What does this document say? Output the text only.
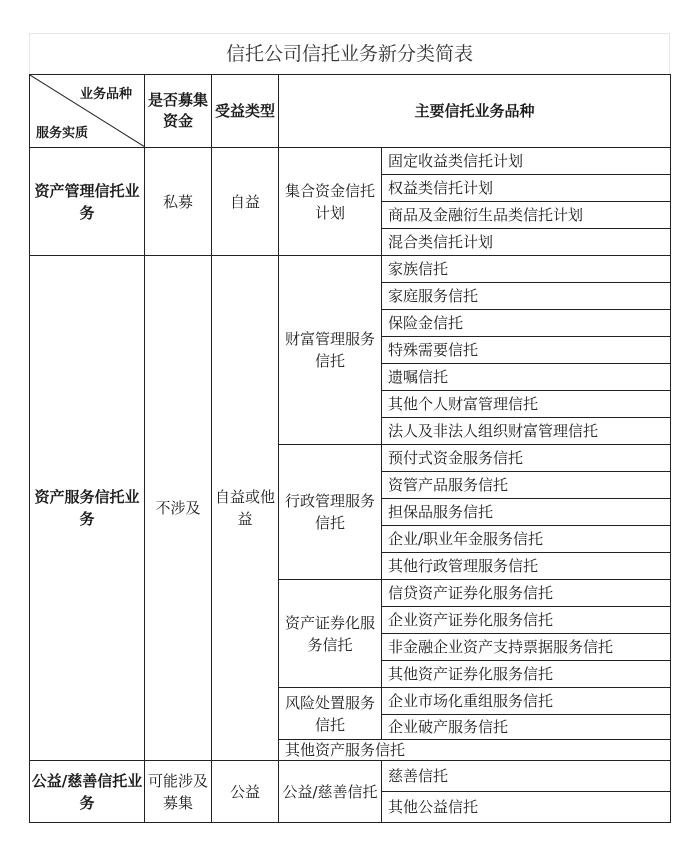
信托公司信托业务新分类简表
业务品种
服务实质	是否募集资金	受益类型	主要信托业务品种	
资产管理信托业务	私募	自益	集合资金信托计划	固定收益类信托计划
				权益类信托计划
				商品及金融衍生品类信托计划
				混合类信托计划
资产服务信托业务	不涉及	自益或他益	财富管理服务信托	家族信托
				家庭服务信托
				保险金信托
				特殊需要信托
				遗嘱信托
				其他个人财富管理信托
				法人及非法人组织财富管理信托
			行政管理服务信托	预付式资金服务信托
				资管产品服务信托
				担保品服务信托
				企业/职业年金服务信托
				其他行政管理服务信托
			资产证券化服务信托	信贷资产证券化服务信托
				企业资产证券化服务信托
				非金融企业资产支持票据服务信托
				其他资产证券化服务信托
			风险处置服务信托	企业市场化重组服务信托
				企业破产服务信托
			其他资产服务信托	
公益/慈善信托业务	可能涉及募集	公益	公益/慈善信托	慈善信托
				其他公益信托
